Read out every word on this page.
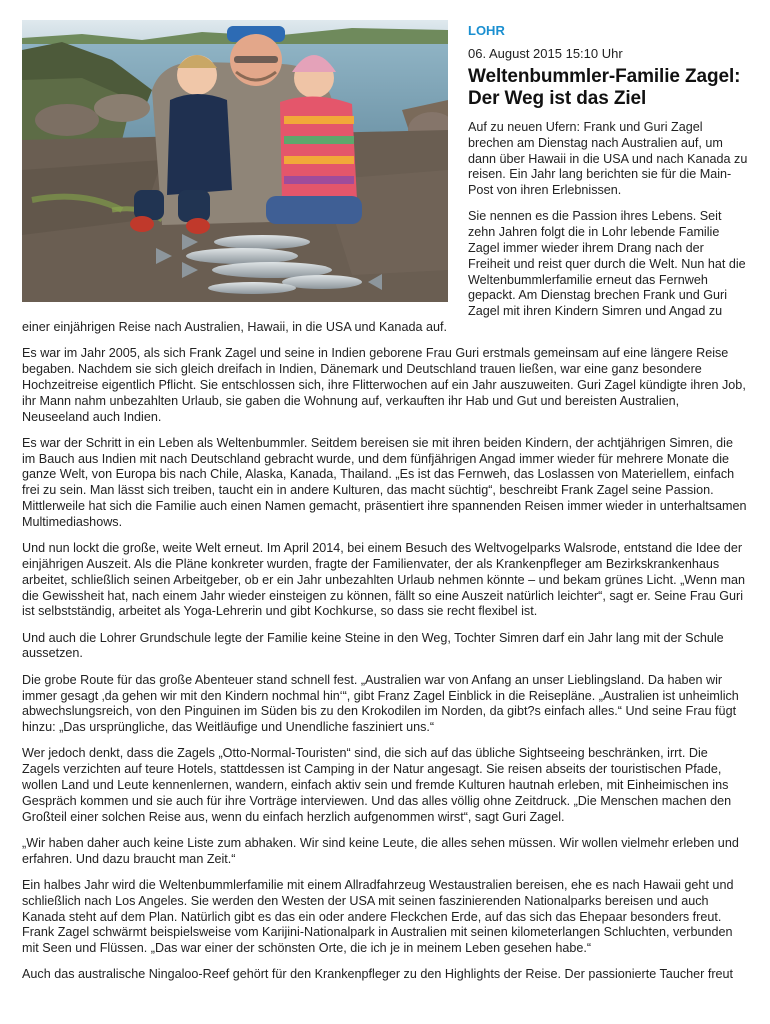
LOHR
06. August 2015 15:10 Uhr
Weltenbummler-Familie Zagel: Der Weg ist das Ziel

Auf zu neuen Ufern: Frank und Guri Zagel brechen am Dienstag nach Australien auf, um dann über Hawaii in die USA und nach Kanada zu reisen. Ein Jahr lang berichten sie für die Main-Post von ihren Erlebnissen.

Sie nennen es die Passion ihres Lebens. Seit zehn Jahren folgt die in Lohr lebende Familie Zagel immer wieder ihrem Drang nach der Freiheit und reist quer durch die Welt. Nun hat die Weltenbummlerfamilie erneut das Fernweh gepackt. Am Dienstag brechen Frank und Guri Zagel mit ihren Kindern Simren und Angad zu einer einjährigen Reise nach Australien, Hawaii, in die USA und Kanada auf.

Es war im Jahr 2005, als sich Frank Zagel und seine in Indien geborene Frau Guri erstmals gemeinsam auf eine längere Reise begaben. Nachdem sie sich gleich dreifach in Indien, Dänemark und Deutschland trauen ließen, war eine ganz besondere Hochzeitreise eigentlich Pflicht. Sie entschlossen sich, ihre Flitterwochen auf ein Jahr auszuweiten. Guri Zagel kündigte ihren Job, ihr Mann nahm unbezahlten Urlaub, sie gaben die Wohnung auf, verkauften ihr Hab und Gut und bereisten Australien, Neuseeland auch Indien.

Es war der Schritt in ein Leben als Weltenbummler. Seitdem bereisen sie mit ihren beiden Kindern, der achtjährigen Simren, die im Bauch aus Indien mit nach Deutschland gebracht wurde, und dem fünfjährigen Angad immer wieder für mehrere Monate die ganze Welt, von Europa bis nach Chile, Alaska, Kanada, Thailand. „Es ist das Fernweh, das Loslassen von Materiellem, einfach frei zu sein. Man lässt sich treiben, taucht ein in andere Kulturen, das macht süchtig“, beschreibt Frank Zagel seine Passion. Mittlerweile hat sich die Familie auch einen Namen gemacht, präsentiert ihre spannenden Reisen immer wieder in unterhaltsamen Multimediashows.

Und nun lockt die große, weite Welt erneut. Im April 2014, bei einem Besuch des Weltvogelparks Walsrode, entstand die Idee der einjährigen Auszeit. Als die Pläne konkreter wurden, fragte der Familienvater, der als Krankenpfleger am Bezirkskrankenhaus arbeitet, schließlich seinen Arbeitgeber, ob er ein Jahr unbezahlten Urlaub nehmen könnte – und bekam grünes Licht. „Wenn man die Gewissheit hat, nach einem Jahr wieder einsteigen zu können, fällt so eine Auszeit natürlich leichter“, sagt er. Seine Frau Guri ist selbstständig, arbeitet als Yoga-Lehrerin und gibt Kochkurse, so dass sie recht flexibel ist.

Und auch die Lohrer Grundschule legte der Familie keine Steine in den Weg, Tochter Simren darf ein Jahr lang mit der Schule aussetzen.

Die grobe Route für das große Abenteuer stand schnell fest. „Australien war von Anfang an unser Lieblingsland. Da haben wir immer gesagt ‚da gehen wir mit den Kindern nochmal hin‘“, gibt Franz Zagel Einblick in die Reisepläne. „Australien ist unheimlich abwechslungsreich, von den Pinguinen im Süden bis zu den Krokodilen im Norden, da gibt?s einfach alles.“ Und seine Frau fügt hinzu: „Das ursprüngliche, das Weitläufige und Unendliche fasziniert uns.“

Wer jedoch denkt, dass die Zagels „Otto-Normal-Touristen“ sind, die sich auf das übliche Sightseeing beschränken, irrt. Die Zagels verzichten auf teure Hotels, stattdessen ist Camping in der Natur angesagt. Sie reisen abseits der touristischen Pfade, wollen Land und Leute kennenlernen, wandern, einfach aktiv sein und fremde Kulturen hautnah erleben, mit Einheimischen ins Gespräch kommen und sie auch für ihre Vorträge interviewen. Und das alles völlig ohne Zeitdruck. „Die Menschen machen den Großteil einer solchen Reise aus, wenn du einfach herzlich aufgenommen wirst“, sagt Guri Zagel.

„Wir haben daher auch keine Liste zum abhaken. Wir sind keine Leute, die alles sehen müssen. Wir wollen vielmehr erleben und erfahren. Und dazu braucht man Zeit.“

Ein halbes Jahr wird die Weltenbummlerfamilie mit einem Allradfahrzeug Westaustralien bereisen, ehe es nach Hawaii geht und schließlich nach Los Angeles. Sie werden den Westen der USA mit seinen faszinierenden Nationalparks bereisen und auch Kanada steht auf dem Plan. Natürlich gibt es das ein oder andere Fleckchen Erde, auf das sich das Ehepaar besonders freut. Frank Zagel schwärmt beispielsweise vom Karijini-Nationalpark in Australien mit seinen kilometerlangen Schluchten, verbunden mit Seen und Flüssen. „Das war einer der schönsten Orte, die ich je in meinem Leben gesehen habe.“

Auch das australische Ningaloo-Reef gehört für den Krankenpfleger zu den Highlights der Reise. Der passionierte Taucher freut
